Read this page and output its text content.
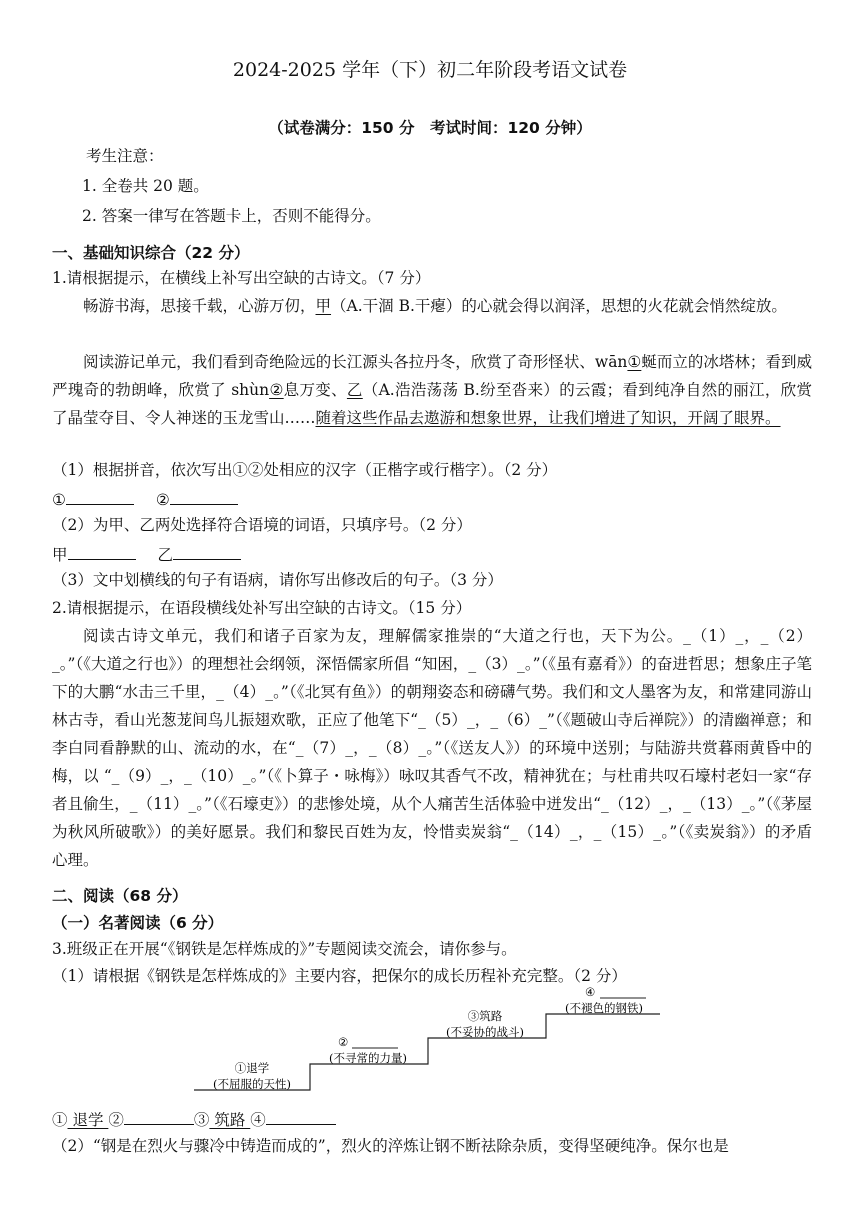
2024-2025 学年（下）初二年阶段考语文试卷
（试卷满分：150 分　考试时间：120 分钟）
考生注意：
1. 全卷共 20 题。
2. 答案一律写在答题卡上，否则不能得分。
一、基础知识综合（22 分）
1.请根据提示，在横线上补写出空缺的古诗文。（7 分）
畅游书海，思接千载，心游万仞，甲（A.干涸 B.干瘪）的心就会得以润泽，思想的火花就会悄然绽放。
阅读游记单元，我们看到奇绝险远的长江源头各拉丹冬，欣赏了奇形怪状、wān①蜒而立的冰塔林；看到威严瑰奇的勃朗峰，欣赏了 shùn②息万变、乙（A.浩浩荡荡 B.纷至沓来）的云霞；看到纯净自然的丽江，欣赏了晶莹夺目、令人神迷的玉龙雪山……随着这些作品去遨游和想象世界，让我们增进了知识，开阔了眼界。
（1）根据拼音，依次写出①②处相应的汉字（正楷字或行楷字）。（2 分）
①	②
（2）为甲、乙两处选择符合语境的词语，只填序号。（2 分）
甲	乙
（3）文中划横线的句子有语病，请你写出修改后的句子。（3 分）
2.请根据提示，在语段横线处补写出空缺的古诗文。（15 分）
阅读古诗文单元，我们和诸子百家为友，理解儒家推崇的“大道之行也，天下为公。_（1）_，_（2）_。”（《大道之行也》）的理想社会纲领，深悟儒家所倡 “知困，_（3）_。”（《虽有嘉肴》）的奋进哲思；想象庄子笔下的大鹏“水击三千里，_（4）_。”（《北冥有鱼》）的朝翔姿态和磅礴气势。我们和文人墨客为友，和常建同游山林古寺，看山光葱茏间鸟儿振翅欢歌，正应了他笔下“_（5）_，_（6）_”（《题破山寺后禅院》）的清幽禅意；和李白同看静默的山、流动的水，在“_（7）_，_（8）_。”（《送友人》）的环境中送别；与陆游共赏暮雨黄昏中的梅，以 “_（9）_，_（10）_。”（《卜算子・咏梅》）咏叹其香气不改，精神犹在；与杜甫共叹石壕村老妇一家“存者且偷生，_（11）_。”（《石壕吏》）的悲惨处境，从个人痛苦生活体验中迸发出“_（12）_，_（13）_。”（《茅屋为秋风所破歌》）的美好愿景。我们和黎民百姓为友，怜惜卖炭翁“_（14）_，_（15）_。”（《卖炭翁》）的矛盾心理。
二、阅读（68 分）
（一）名著阅读（6 分）
3.班级正在开展“《钢铁是怎样炼成的》”专题阅读交流会，请你参与。
（1）请根据《钢铁是怎样炼成的》主要内容，把保尔的成长历程补充完整。（2 分）
①退学
(不屈服的天性)
②
(不寻常的力量)
③筑路
(不妥协的战斗)
④
(不褪色的钢铁)
① 退学 ②	③ 筑路 ④
（2）“钢是在烈火与骤冷中铸造而成的”，烈火的淬炼让钢不断祛除杂质，变得坚硬纯净。保尔也是
